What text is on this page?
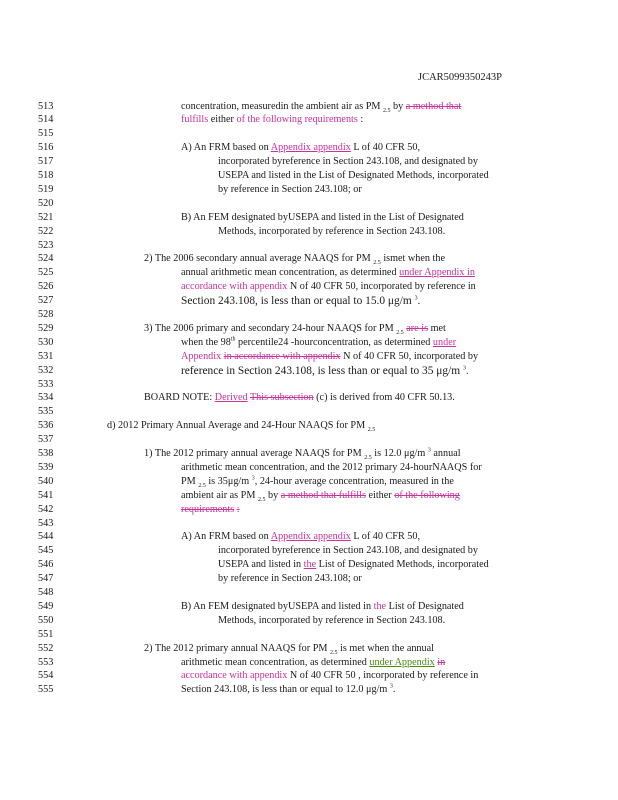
JCAR5099350243P
513	concentration, measuredin the ambient air as PM $_{2.5}$ by a method that
514	fulfills either of the following requirements :
515
516	A) An FRM based on Appendix appendix L of 40 CFR 50,
517	incorporated byreference in Section 243.108, and designated by
518	USEPA and listed in the List of Designated Methods, incorporated
519	by reference in Section 243.108; or
520
521	B) An FEM designated byUSEPA and listed in the List of Designated
522	Methods, incorporated by reference in Section 243.108.
523
524	2) The 2006 secondary annual average NAAQS for PM $_{2.5}$ ismet when the
525	annual arithmetic mean concentration, as determined under Appendix in
526	accordance with appendix N of 40 CFR 50, incorporated by reference in
527	Section 243.108, is less than or equal to 15.0 μg/m $^3$.
528
529	3) The 2006 primary and secondary 24-hour NAAQS for PM $_{2.5}$ are is met
530	when the 98th percentile24 -hourconcentration, as determined under
531	Appendix in accordance with appendix N of 40 CFR 50, incorporated by
532	reference in Section 243.108, is less than or equal to 35 μg/m $^3$.
533
534	BOARD NOTE: Derived This subsection (c) is derived from 40 CFR 50.13.
535
536	d) 2012 Primary Annual Average and 24-Hour NAAQS for PM $_{2.5}$
537
538	1) The 2012 primary annual average NAAQS for PM $_{2.5}$ is 12.0 μg/m $^3$ annual
539	arithmetic mean concentration, and the 2012 primary 24-hourNAAQS for
540	PM $_{2.5}$ is 35μg/m $^3$, 24-hour average concentration, measured in the
541	ambient air as PM $_{2.5}$ by a method that fulfills either of the following
542	requirements :
543
544	A) An FRM based on Appendix appendix L of 40 CFR 50,
545	incorporated byreference in Section 243.108, and designated by
546	USEPA and listed in the List of Designated Methods, incorporated
547	by reference in Section 243.108; or
548
549	B) An FEM designated byUSEPA and listed in the List of Designated
550	Methods, incorporated by reference in Section 243.108.
551
552	2) The 2012 primary annual NAAQS for PM $_{2.5}$ is met when the annual
553	arithmetic mean concentration, as determined under Appendix in
554	accordance with appendix N of 40 CFR 50 , incorporated by reference in
555	Section 243.108, is less than or equal to 12.0 μg/m $^3$.
